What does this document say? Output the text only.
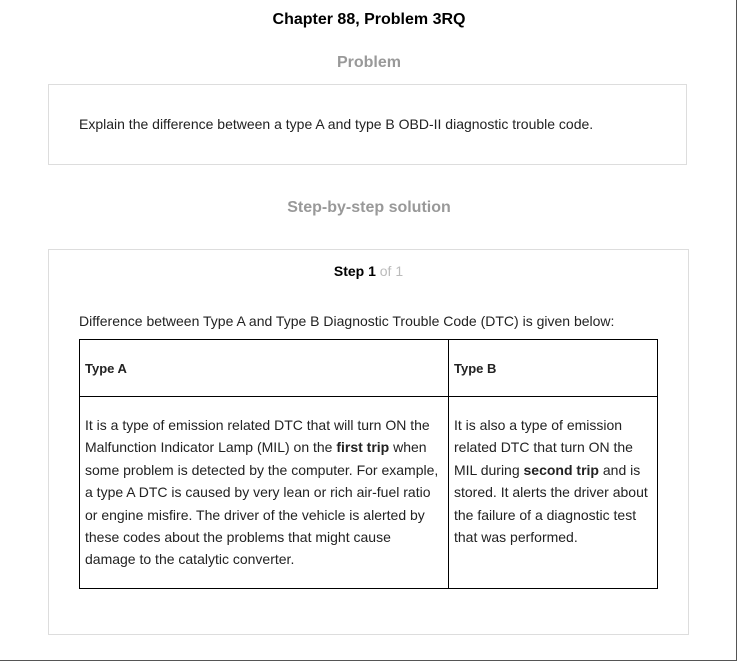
Chapter 88, Problem 3RQ
Problem
Explain the difference between a type A and type B OBD-II diagnostic trouble code.
Step-by-step solution
Step 1 of 1
Difference between Type A and Type B Diagnostic Trouble Code (DTC) is given below:
Type A	Type B
It is a type of emission related DTC that will turn ON the Malfunction Indicator Lamp (MIL) on the first trip when some problem is detected by the computer. For example, a type A DTC is caused by very lean or rich air-fuel ratio or engine misfire. The driver of the vehicle is alerted by these codes about the problems that might cause damage to the catalytic converter.	It is also a type of emission related DTC that turn ON the MIL during second trip and is stored. It alerts the driver about the failure of a diagnostic test that was performed.
